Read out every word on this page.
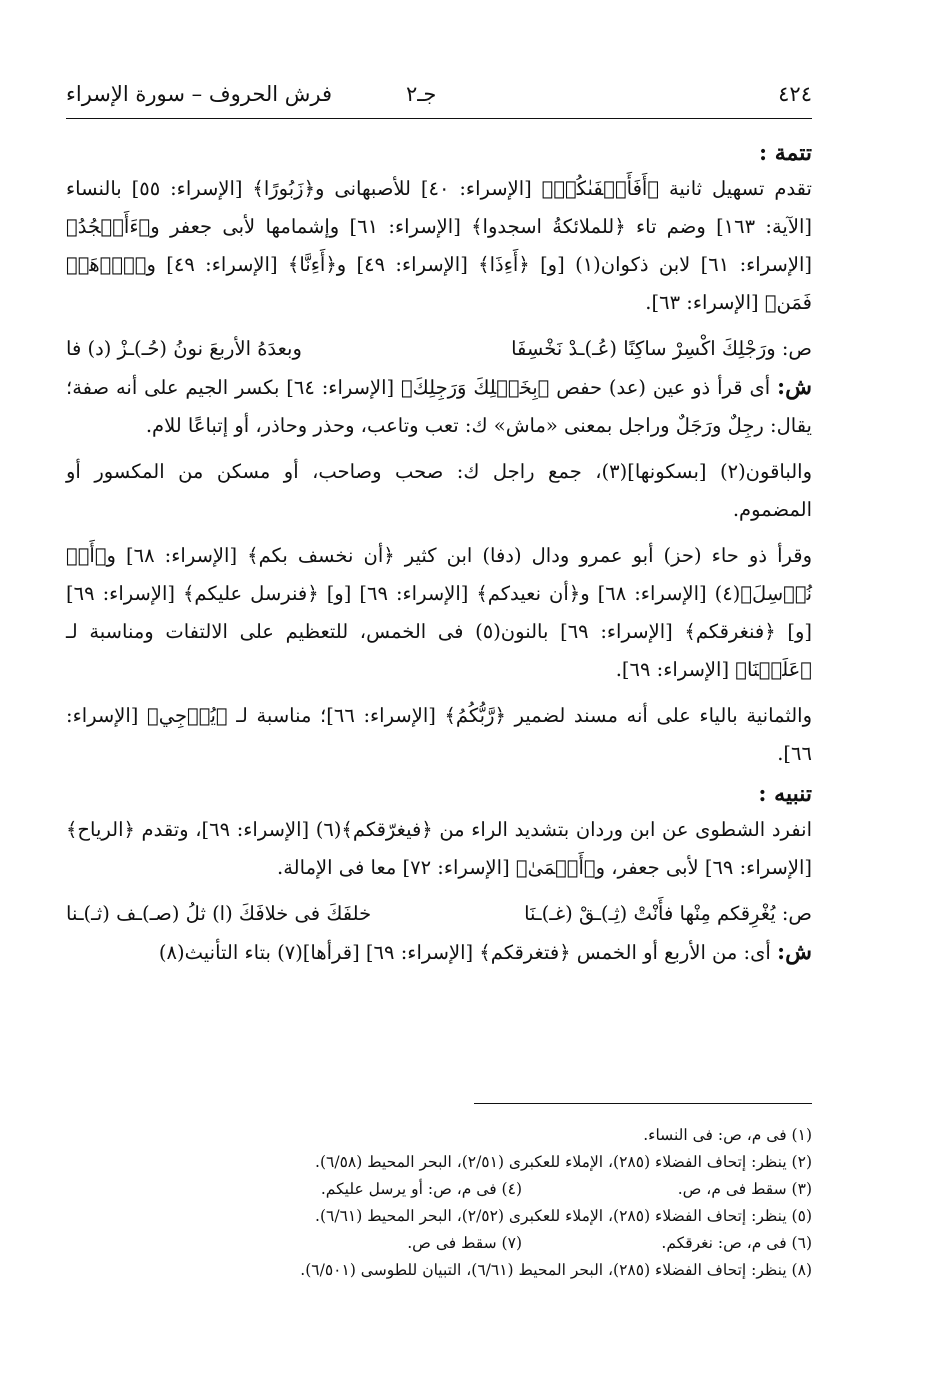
٤٢٤
جـ٢
فرش الحروف – سورة الإسراء
تتمة :

تقدم تسهيل ثانية ﴿أَفَأَصۡفَىٰكُمۡ﴾ [الإسراء: ٤٠] للأصبهانى و﴿زَبُورًا﴾ [الإسراء: ٥٥] بالنساء [الآية: ١٦٣] وضم تاء ﴿للملائكةُ اسجدوا﴾ [الإسراء: ٦١] وإشمامها لأبى جعفر و﴿ءَأَسۡجُدُ﴾ [الإسراء: ٦١] لابن ذكوان(١) [و] ﴿أَءِذَا﴾ [الإسراء: ٤٩] و﴿أَءِنَّا﴾ [الإسراء: ٤٩] و﴿ٱذۡهَبۡ فَمَن﴾ [الإسراء: ٦٣].

ص: ورَجْلِكَ اكْسِرْ ساكِنًا (عُـ)ـدْ نَخْسِفَا
وبعدَهُ الأربعَ نونُ (حُـ)ـزْ (د) فا

ش: أى قرأ ذو عين (عد) حفص ﴿بِخَيۡلِكَ وَرَجِلِكَ﴾ [الإسراء: ٦٤] بكسر الجيم على أنه صفة؛ يقال: رجِلٌ ورَجَلٌ وراجل بمعنى «ماش» ك: تعب وتاعب، وحذر وحاذر، أو إتباعًا للام.

والباقون(٢) [بسكونها](٣)، جمع راجل ك: صحب وصاحب، أو مسكن من المكسور أو المضموم.

وقرأ ذو حاء (حز) أبو عمرو ودال (دفا) ابن كثير ﴿أن نخسف بكم﴾ [الإسراء: ٦٨] و﴿أَوۡ نُرۡسِلَ﴾(٤) [الإسراء: ٦٨] و﴿أن نعيدكم﴾ [الإسراء: ٦٩] [و] ﴿فنرسل عليكم﴾ [الإسراء: ٦٩] [و] ﴿فنغرقكم﴾ [الإسراء: ٦٩] بالنون(٥) فى الخمس، للتعظيم على الالتفات ومناسبة لـ ﴿عَلَيۡنَا﴾ [الإسراء: ٦٩].

والثمانية بالياء على أنه مسند لضمير ﴿رَّبُّكُمُ﴾ [الإسراء: ٦٦]؛ مناسبة لـ ﴿يُزۡجِي﴾ [الإسراء: ٦٦].

تنبيه :

انفرد الشطوى عن ابن وردان بتشديد الراء من ﴿فيغرّقكم﴾(٦) [الإسراء: ٦٩]، وتقدم ﴿الرياح﴾ [الإسراء: ٦٩] لأبى جعفر، و﴿أَعۡمَىٰ﴾ [الإسراء: ٧٢] معا فى الإمالة.

ص: يُغْرِقكم مِنْها فأَنْتْ (ثِـ)ـقْ (غـ)ـنَا
خلفَكَ فى خلافَكَ (ا) ثلُ (صـ)ـف (ثـ)ـنا

ش: أى: من الأربع أو الخمس ﴿فتغرقكم﴾ [الإسراء: ٦٩] [قرأها](٧) بتاء التأنيث(٨)

(١) فى م، ص: فى النساء.
(٢) ينظر: إتحاف الفضلاء (٢٨٥)، الإملاء للعكبرى (٢/٥١)، البحر المحيط (٦/٥٨).
(٣) سقط فى م، ص.
(٤) فى م، ص: أو يرسل عليكم.
(٥) ينظر: إتحاف الفضلاء (٢٨٥)، الإملاء للعكبرى (٢/٥٢)، البحر المحيط (٦/٦١).
(٦) فى م، ص: نغرقكم.
(٧) سقط فى ص.
(٨) ينظر: إتحاف الفضلاء (٢٨٥)، البحر المحيط (٦/٦١)، التبيان للطوسى (٦/٥٠١).
